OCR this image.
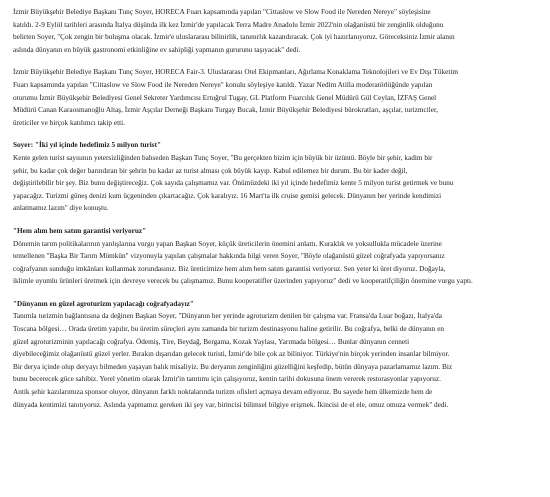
İzmir Büyükşehir Belediye Başkanı Tunç Soyer, HORECA Fuarı kapsamında yapılan "Cittaslow ve Slow Food ile Nereden Nereye" söyleşisine
katıldı. 2-9 Eylül tarihleri arasında İtalya düşünda ilk kez İzmir'de yapılacak Terra Madre Anadolu İzmir 2022'nin olağanüstü bir zenginlik olduğunu
belirten Soyer, "Çok zengin bir buluşma olacak. İzmir'e uluslararası bilinirlik, tanınırlık kazandıracak. Çok iyi hazırlanıyoruz. Göreceksiniz İzmir alanın
aslında dünyanın en büyük gastronomi etkinliğine ev sahipliği yapmanın gururunu taşıyacak" dedi.
İzmir Büyükşehir Belediye Başkanı Tunç Soyer, HORECA Fair-3. Uluslararası Otel Ekipmanları, Ağırlama Konaklama Teknolojileri ve Ev Dışı Tüketim
Fuarı kapsamında yapılan "Cittaslow ve Slow Food ile Nereden Nereye" konulu söyleşiye katıldı. Yazar Nedim Atilla moderatörlüğünde yapılan
oturumu İzmir Büyükşehir Belediyesi Genel Sekreter Yardımcısı Ertuğrul Tugay, GL Platform Fuarcılık Genel Müdürü Gül Ceylan, İZFAŞ Genel
Müdürü Canan Karaosmanoğlu Altaş, İzmir Aşçılar Derneği Başkanı Turgay Bucak, İzmir Büyükşehir Belediyesi bürokratları, aşçılar, turizmciler,
üreticiler ve birçok katılımcı takip etti.
Soyer: "İki yıl içinde hedefimiz 5 milyon turist"
Kente gelen turist sayısının yetersizliğinden bahseden Başkan Tunç Soyer, "Bu gerçekten bizim için büyük bir üzüntü. Böyle bir şehir, kadim bir
şehir, bu kadar çok değer barındıran bir şehrin bu kadar az turist alması çok büyük kayıp. Kabul edilemez bir durum. Bu bir kader değil,
değiştirilebilir bir şey. Biz bunu değiştireceğiz. Çok sayıda çalışmamız var. Önümüzdeki iki yıl içinde hedefimiz kente 5 milyon turist getirmek ve bunu
yapacağız. Turizmi güneş denizi kum üçgeninden çıkartacağız. Çok karalıyız. 16 Mart'ta ilk cruise gemisi gelecek. Dünyanın her yerinde kendimizi
anlatmamız lazım" diye konuştu.
"Hem alım hem satım garantisi veriyoruz"
Dönemin tarım politikalarının yanlışlarına vurgu yapan Başkan Soyer, küçük üreticilerin önemini anlattı. Kuraklık ve yoksullukla mücadele üzerine
temellenen "Başka Bir Tarım Mümkün" vizyonuyla yapılan çalışmalar hakkında bilgi veren Soyer, "Böyle olağanüstü güzel coğrafyada yapıyorsanız
coğrafyanın sunduğu imkânları kullanmak zorundasınız. Biz üreticimize hem alım hem satım garantisi veriyoruz. Sen yeter ki üret diyoruz. Doğayla,
iklimle uyumlu ürünleri üretmek için devreye verecek bu çalışmamız. Bunu kooperatifler üzerinden yapıyoruz" dedi ve kooperatifçiliğin önemine vurgu yaptı.
"Dünyanın en güzel agroturizm yapılacağı coğrafyadayız"
Tanımla turizmin bağlantısına da değinen Başkan Soyer, "Dünyanın her yerinde agroturizm denilen bir çalışma var. Fransa'da Luar boğazı, İtalya'da
Toscana bölgesi… Orada üretim yapılır, bu üretim süreçleri aynı zamanda bir turizm destinasyonu haline getirilir. Bu coğrafya, belki de dünyanın en
güzel agroturizminin yapılacağı coğrafya. Ödemiş, Tire, Beydağ, Bergama, Kozak Yaylası, Yarımada bölgesi… Bunlar dünyanın cenneti
diyebileceğimiz olağanüstü güzel yerler. Bırakın dışarıdan gelecek turisti, İzmir'de bile çok az biliniyor. Türkiye'nin birçok yerinden insanlar bilmiyor.
Bir derya içinde olup deryayı bilmeden yaşayan balık misaliyiz. Bu deryanın zenginliğini güzelliğini keşfedip, bütün dünyaya pazarlamamız lazım. Biz
bunu becerecek güce sahibiz. Yerel yönetim olarak İzmir'in tanıtımı için çalışıyoruz, kentin tarihi dokusuna önem vererek restorasyonlar yapıyoruz.
Antik şehir kazılarımıza sponsor oluyor, dünyanın farklı noktalarında turizm ofisleri açmaya devam ediyoruz. Bu sayede hem ülkemizde hem de
dünyada kentimizi tanıtıyoruz. Aslında yapmamız gereken iki şey var, birincisi bilimsel bilgiye erişmek. İkincisi de el ele, omuz omuza vermek" dedi.
